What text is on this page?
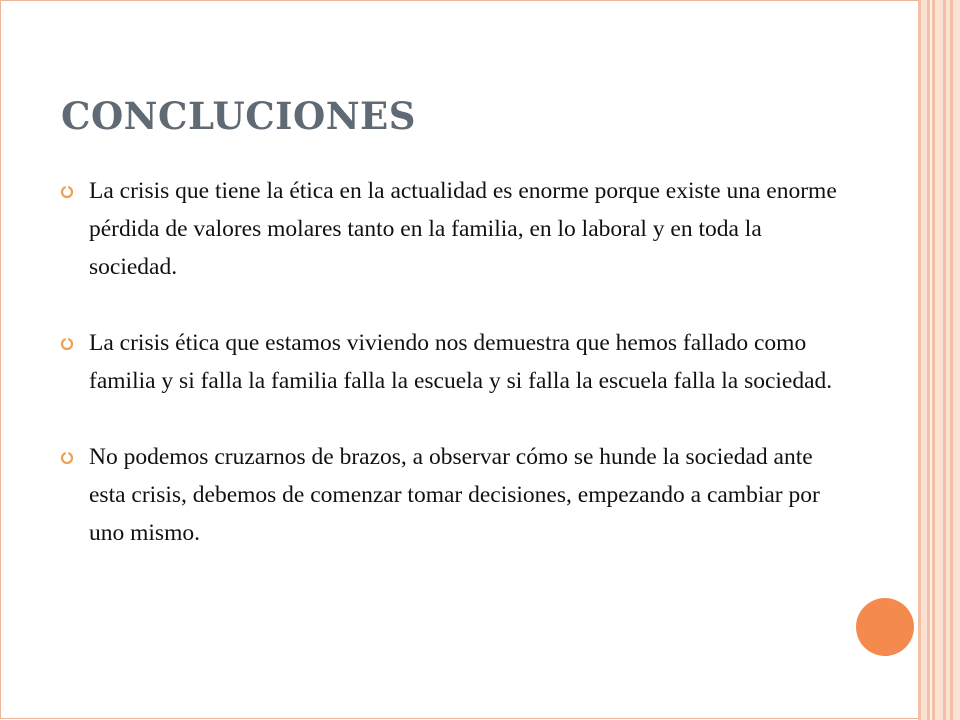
CONCLUCIONES
La crisis que tiene la ética en la actualidad es enorme porque existe una enorme pérdida de valores molares tanto en la familia, en lo laboral y en toda la sociedad.
La crisis ética que estamos viviendo nos demuestra que hemos fallado como familia y si falla la familia falla la escuela y si falla la escuela falla la sociedad.
No podemos cruzarnos de brazos, a observar cómo se hunde la sociedad ante esta crisis, debemos de comenzar tomar decisiones, empezando a cambiar por uno mismo.
